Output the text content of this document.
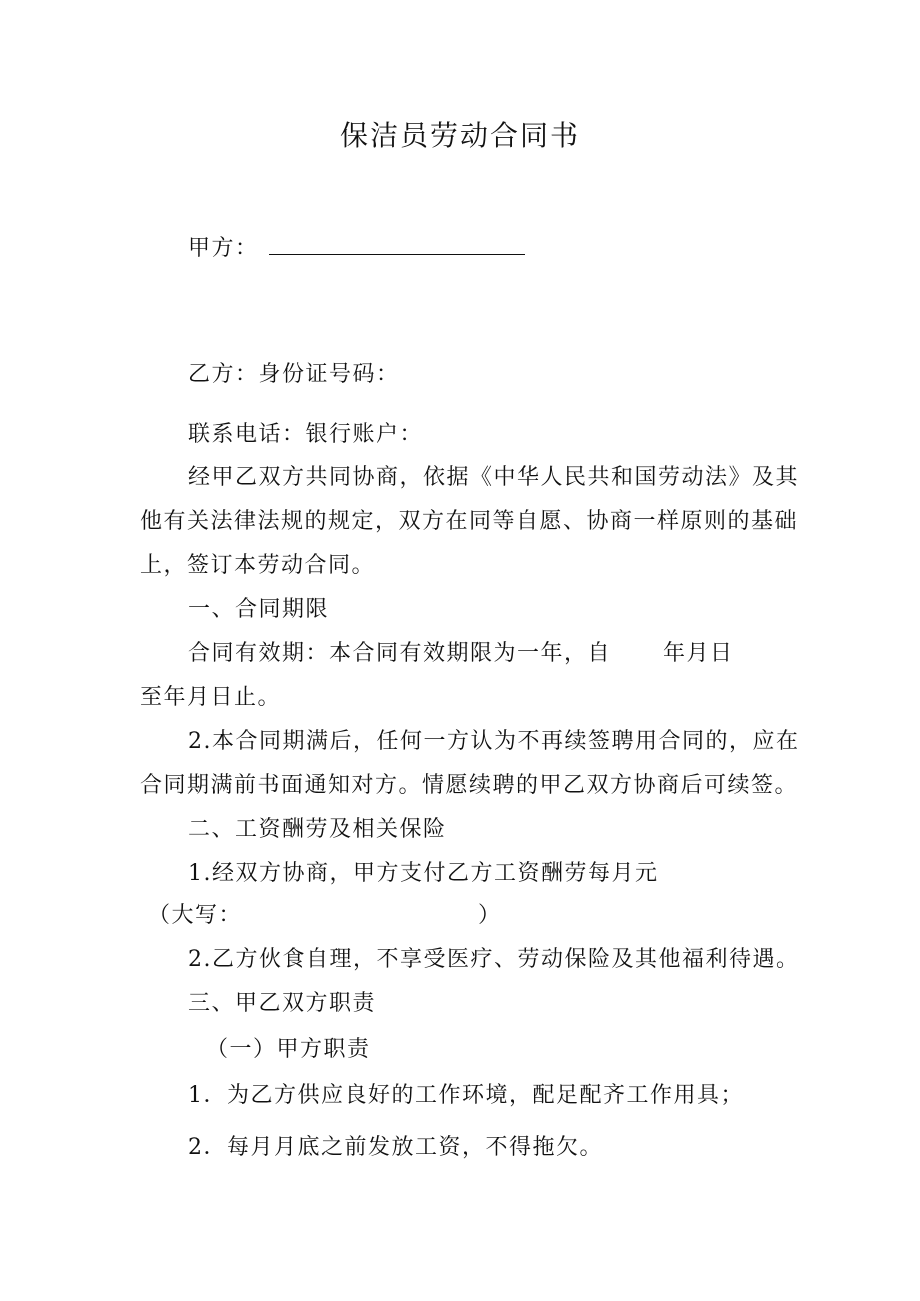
保洁员劳动合同书
甲方：
乙方：身份证号码：
联系电话：银行账户：
经甲乙双方共同协商，依据《中华人民共和国劳动法》及其
他有关法律法规的规定，双方在同等自愿、协商一样原则的基础
上，签订本劳动合同。
一、合同期限
合同有效期：本合同有效期限为一年，自 年月日
至年月日止。
2.本合同期满后，任何一方认为不再续签聘用合同的，应在
合同期满前书面通知对方。情愿续聘的甲乙双方协商后可续签。
二、工资酬劳及相关保险
1.经双方协商，甲方支付乙方工资酬劳每月元
（大写：	）
2.乙方伙食自理，不享受医疗、劳动保险及其他福利待遇。
三、甲乙双方职责
（一）甲方职责
1．为乙方供应良好的工作环境，配足配齐工作用具；
2．每月月底之前发放工资，不得拖欠。
